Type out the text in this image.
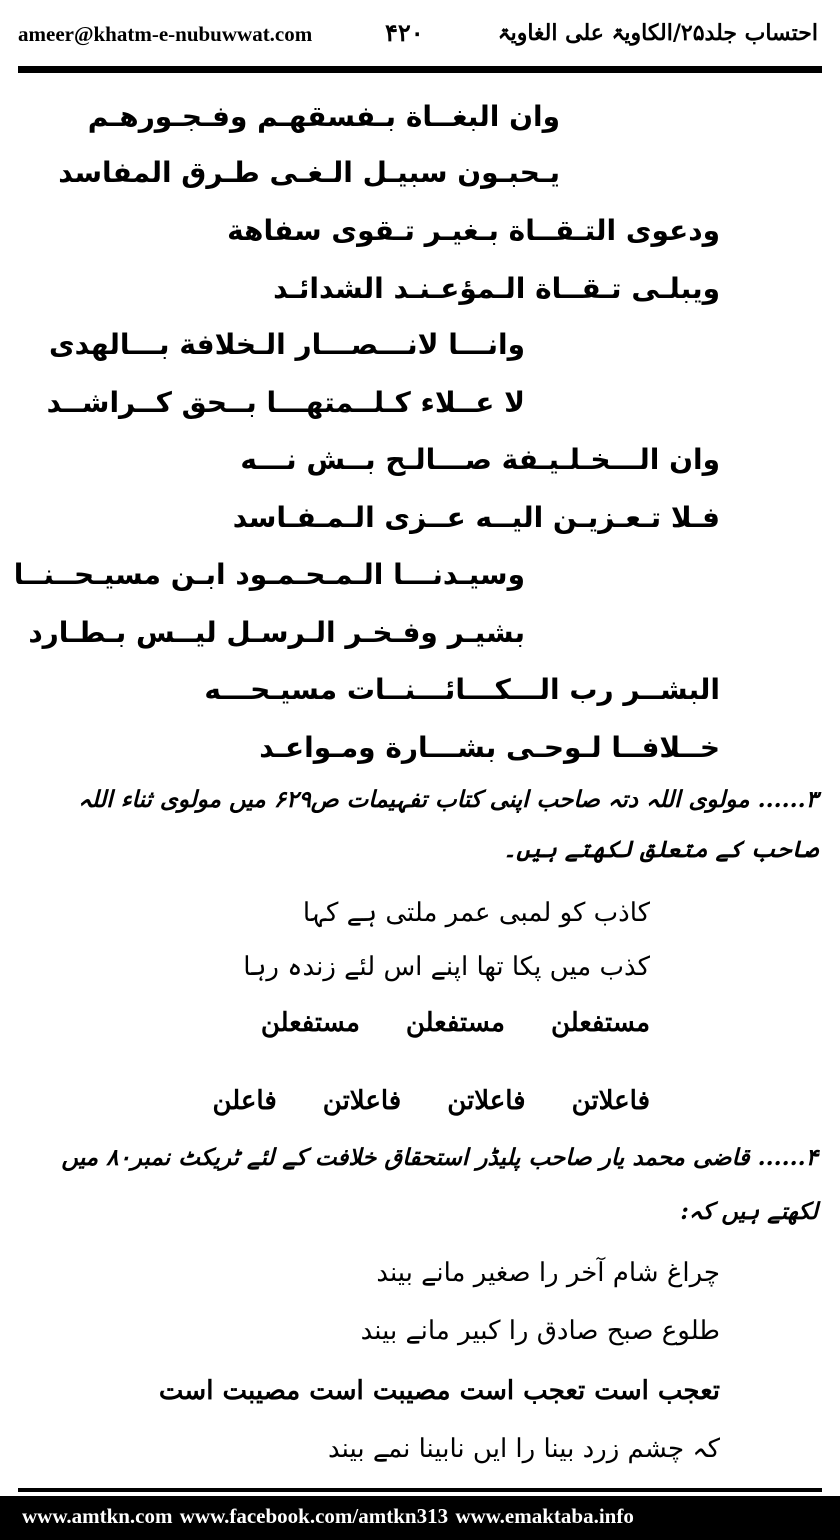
ameer@khatm-e-nubuwwat.com	۴۲۰	احتساب جلد۲۵/الکاویۃ علی الغاویۃ
وان البغــاة بـفسقهـم وفـجـورهـم
يـحبـون سبيـل الـغـى طـرق المفاسد
ودعوى التـقــاة بـغيـر تـقوى سفاهة
ويبلـى تـقــاة الـمؤعـنـد الشدائـد
وانـــا لانـــصـــار الـخلافة بـــالهدى
لا عــلاء كـلــمتهـــا بــحق كــراشــد
وان الـــخـلـيـفة صـــالـح بــش نـــه
فـلا تـعـزيـن اليــه عــزى الـمـفـاسد
وسيـدنـــا الـمـحـمـود ابـن مسيـحــنــا
بشيـر وفـخـر الـرسـل ليــس بـطـارد
البشــر رب الـــكـــائـــنــات مسيـحـــه
خــلافــا لـوحـى بشـــارة ومـواعـد
۳...... مولوی اللہ دتہ صاحب اپنی کتاب تفہیمات ص۶۲۹ میں مولوی ثناء اللہ
صاحب کے متعلق لکھتے ہیں۔
کاذب کو لمبی عمر ملتی ہے کہا
کذب میں پکا تھا اپنے اس لئے زندہ رہا
مستفعلنمستفعلنمستفعلن
فاعلاتنفاعلاتنفاعلاتنفاعلن
۴...... قاضی محمد یار صاحب پلیڈر استحقاق خلافت کے لئے ٹریکٹ نمبر۸۰ میں
لکھتے ہیں کہ:
چراغ شام آخر را صغیر مانے بیند
طلوع صبح صادق را کبیر مانے بیند
تعجب است تعجب است مصیبت است مصیبت است
کہ چشم زرد بینا را ایں نابینا نمے بیند
www.amtkn.com www.facebook.com/amtkn313 www.emaktaba.info
